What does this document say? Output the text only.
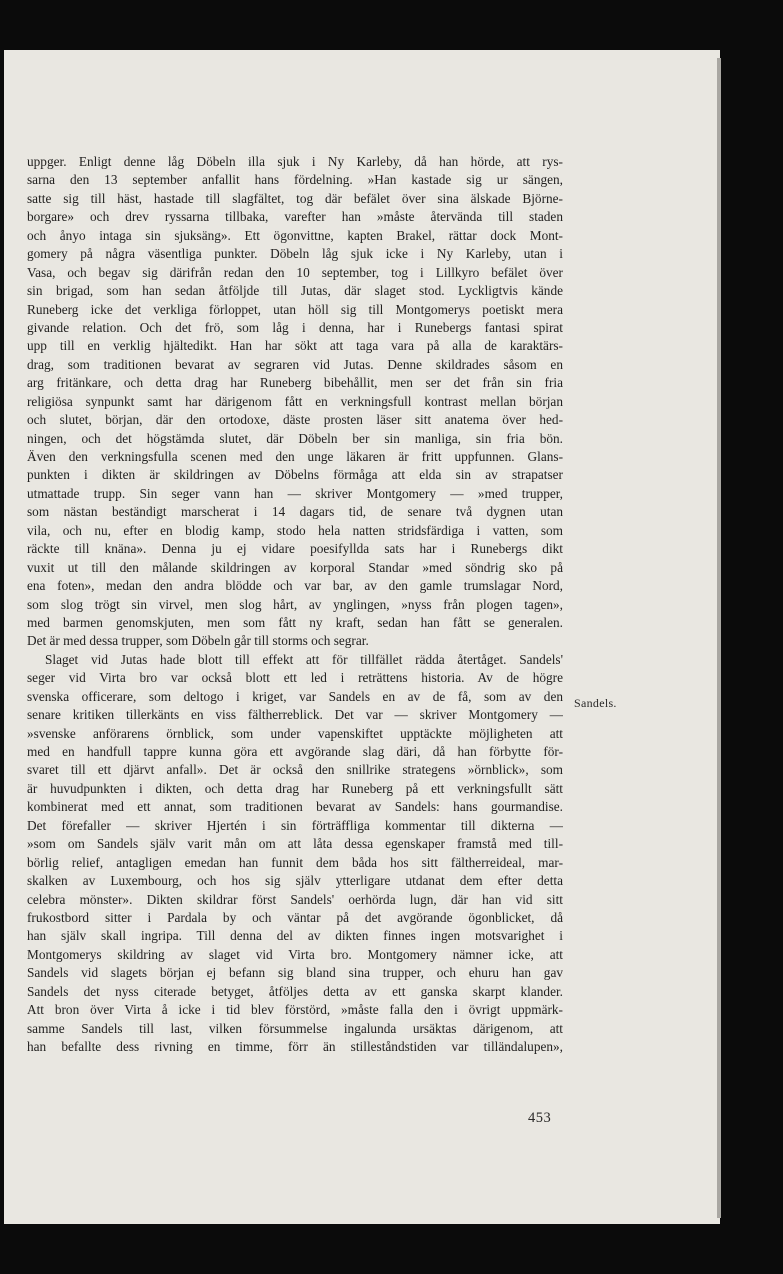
uppger. Enligt denne låg Döbeln illa sjuk i Ny Karleby, då han hörde, att rys-
sarna den 13 september anfallit hans fördelning. »Han kastade sig ur sängen,
satte sig till häst, hastade till slagfältet, tog där befälet över sina älskade Björne-
borgare» och drev ryssarna tillbaka, varefter han »måste återvända till staden
och ånyo intaga sin sjuksäng». Ett ögonvittne, kapten Brakel, rättar dock Mont-
gomery på några väsentliga punkter. Döbeln låg sjuk icke i Ny Karleby, utan i
Vasa, och begav sig därifrån redan den 10 september, tog i Lillkyro befälet över
sin brigad, som han sedan åtföljde till Jutas, där slaget stod. Lyckligtvis kände
Runeberg icke det verkliga förloppet, utan höll sig till Montgomerys poetiskt mera
givande relation. Och det frö, som låg i denna, har i Runebergs fantasi spirat
upp till en verklig hjältedikt. Han har sökt att taga vara på alla de karaktärs-
drag, som traditionen bevarat av segraren vid Jutas. Denne skildrades såsom en
arg fritänkare, och detta drag har Runeberg bibehållit, men ser det från sin fria
religiösa synpunkt samt har därigenom fått en verkningsfull kontrast mellan början
och slutet, början, där den ortodoxe, däste prosten läser sitt anatema över hed-
ningen, och det högstämda slutet, där Döbeln ber sin manliga, sin fria bön.
Även den verkningsfulla scenen med den unge läkaren är fritt uppfunnen. Glans-
punkten i dikten är skildringen av Döbelns förmåga att elda sin av strapatser
utmattade trupp. Sin seger vann han — skriver Montgomery — »med trupper,
som nästan beständigt marscherat i 14 dagars tid, de senare två dygnen utan
vila, och nu, efter en blodig kamp, stodo hela natten stridsfärdiga i vatten, som
räckte till knäna». Denna ju ej vidare poesifyllda sats har i Runebergs dikt
vuxit ut till den målande skildringen av korporal Standar »med söndrig sko på
ena foten», medan den andra blödde och var bar, av den gamle trumslagar Nord,
som slog trögt sin virvel, men slog hårt, av ynglingen, »nyss från plogen tagen»,
med barmen genomskjuten, men som fått ny kraft, sedan han fått se generalen.
Det är med dessa trupper, som Döbeln går till storms och segrar.
Slaget vid Jutas hade blott till effekt att för tillfället rädda återtåget. Sandels'
seger vid Virta bro var också blott ett led i reträttens historia. Av de högre
svenska officerare, som deltogo i kriget, var Sandels en av de få, som av den
senare kritiken tillerkänts en viss fältherreblick. Det var — skriver Montgomery —
»svenske anförarens örnblick, som under vapenskiftet upptäckte möjligheten att
med en handfull tappre kunna göra ett avgörande slag däri, då han förbytte för-
svaret till ett djärvt anfall». Det är också den snillrike strategens »örnblick», som
är huvudpunkten i dikten, och detta drag har Runeberg på ett verkningsfullt sätt
kombinerat med ett annat, som traditionen bevarat av Sandels: hans gourmandise.
Det förefaller — skriver Hjertén i sin förträffliga kommentar till dikterna —
»som om Sandels själv varit mån om att låta dessa egenskaper framstå med till-
börlig relief, antagligen emedan han funnit dem båda hos sitt fältherreideal, mar-
skalken av Luxembourg, och hos sig själv ytterligare utdanat dem efter detta
celebra mönster». Dikten skildrar först Sandels' oerhörda lugn, där han vid sitt
frukostbord sitter i Pardala by och väntar på det avgörande ögonblicket, då
han själv skall ingripa. Till denna del av dikten finnes ingen motsvarighet i
Montgomerys skildring av slaget vid Virta bro. Montgomery nämner icke, att
Sandels vid slagets början ej befann sig bland sina trupper, och ehuru han gav
Sandels det nyss citerade betyget, åtföljes detta av ett ganska skarpt klander.
Att bron över Virta å icke i tid blev förstörd, »måste falla den i övrigt uppmärk-
samme Sandels till last, vilken försummelse ingalunda ursäktas därigenom, att
han befallte dess rivning en timme, förr än stilleståndstiden var tilländalupen»,
Sandels.
453
